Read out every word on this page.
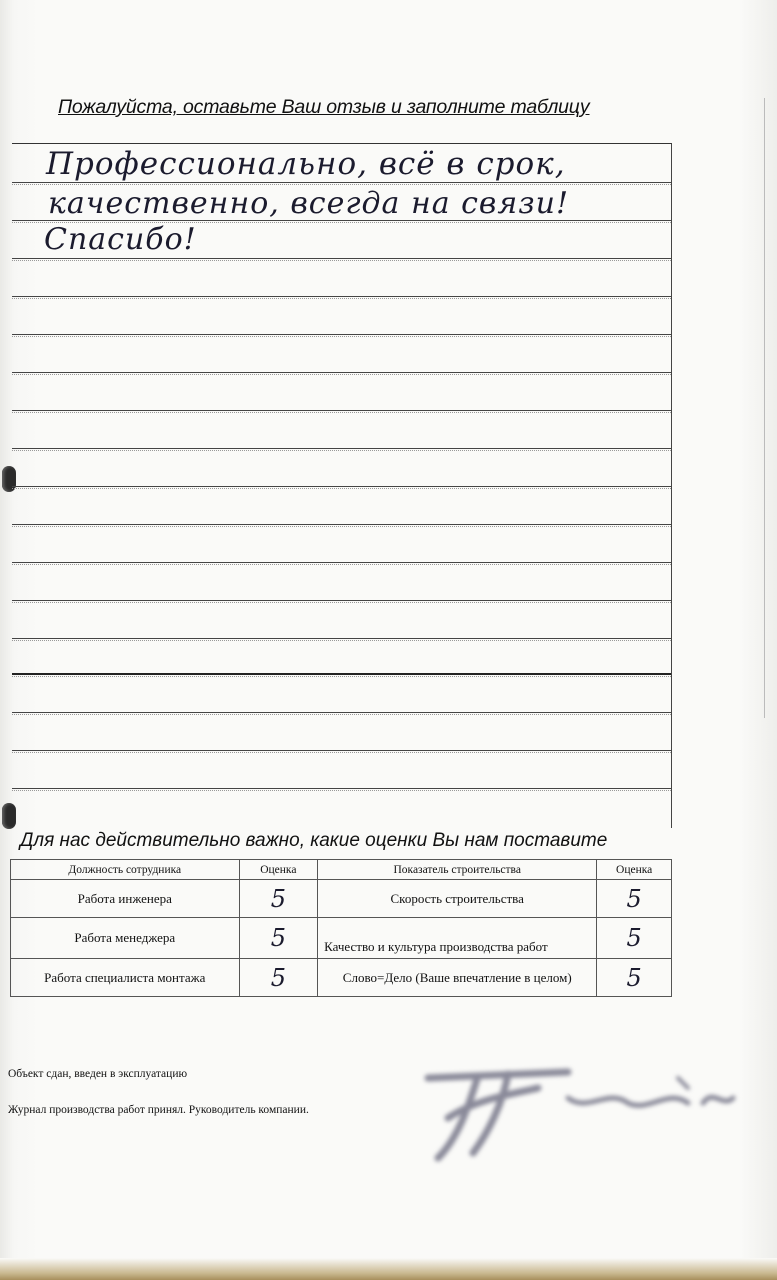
Пожалуйста, оставьте Ваш отзыв и заполните таблицу
Профессионально, всё в срок,
качественно, всегда на связи!
Спасибо!
Для нас действительно важно, какие оценки Вы нам поставите
Должность сотрудника	Оценка	Показатель строительства	Оценка
Работа инженера	5	Скорость строительства	5
Работа менеджера	5	Качество и культура производства работ	5
Работа специалиста монтажа	5	Слово=Дело (Ваше впечатление в целом)	5
Объект сдан, введен в эксплуатацию
Журнал производства работ принял. Руководитель компании.
